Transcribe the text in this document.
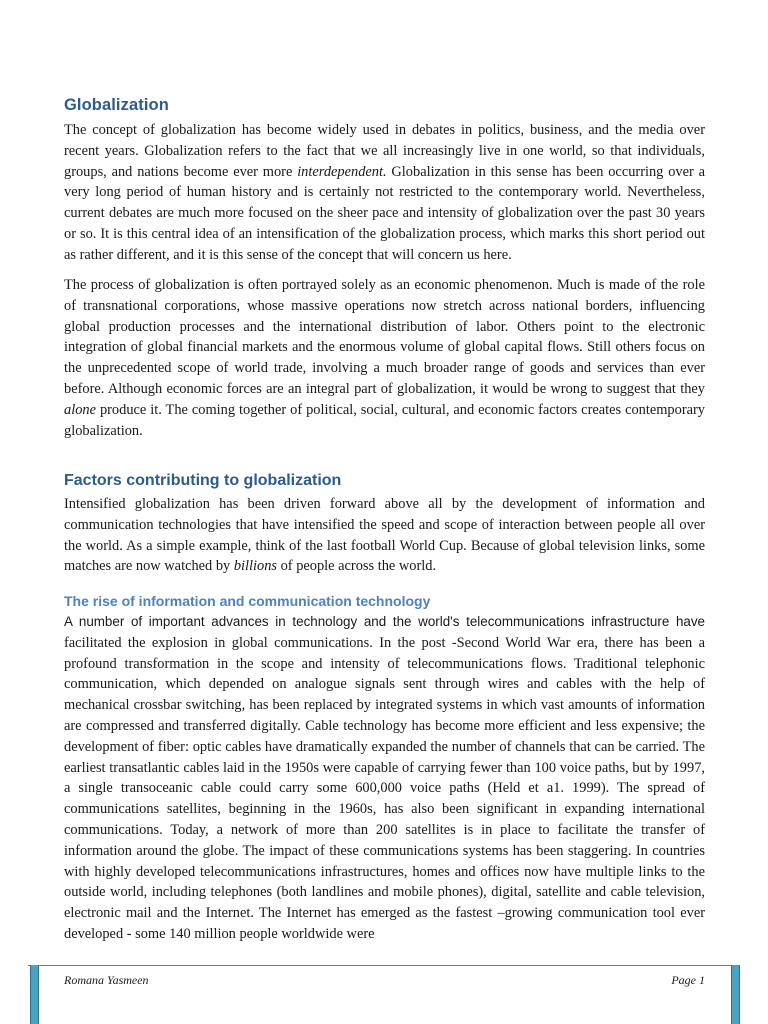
Globalization

The concept of globalization has become widely used in debates in politics, business, and the media over recent years. Globalization refers to the fact that we all increasingly live in one world, so that individuals, groups, and nations become ever more interdependent. Globalization in this sense has been occurring over a very long period of human history and is certainly not restricted to the contemporary world. Nevertheless, current debates are much more focused on the sheer pace and intensity of globalization over the past 30 years or so. It is this central idea of an intensification of the globalization process, which marks this short period out as rather different, and it is this sense of the concept that will concern us here.

The process of globalization is often portrayed solely as an economic phenomenon. Much is made of the role of transnational corporations, whose massive operations now stretch across national borders, influencing global production processes and the international distribution of labor. Others point to the electronic integration of global financial markets and the enormous volume of global capital flows. Still others focus on the unprecedented scope of world trade, involving a much broader range of goods and services than ever before. Although economic forces are an integral part of globalization, it would be wrong to suggest that they alone produce it. The coming together of political, social, cultural, and economic factors creates contemporary globalization.

Factors contributing to globalization

Intensified globalization has been driven forward above all by the development of information and communication technologies that have intensified the speed and scope of interaction between people all over the world. As a simple example, think of the last football World Cup. Because of global television links, some matches are now watched by billions of people across the world.

The rise of information and communication technology

A number of important advances in technology and the world's telecommunications infrastructure have facilitated the explosion in global communications. In the post -Second World War era, there has been a profound transformation in the scope and intensity of telecommunications flows. Traditional telephonic communication, which depended on analogue signals sent through wires and cables with the help of mechanical crossbar switching, has been replaced by integrated systems in which vast amounts of information are compressed and transferred digitally. Cable technology has become more efficient and less expensive; the development of fiber: optic cables have dramatically expanded the number of channels that can be carried. The earliest transatlantic cables laid in the 1950s were capable of carrying fewer than 100 voice paths, but by 1997, a single transoceanic cable could carry some 600,000 voice paths (Held et a1. 1999). The spread of communications satellites, beginning in the 1960s, has also been significant in expanding international communications. Today, a network of more than 200 satellites is in place to facilitate the transfer of information around the globe. The impact of these communications systems has been staggering. In countries with highly developed telecommunications infrastructures, homes and offices now have multiple links to the outside world, including telephones (both landlines and mobile phones), digital, satellite and cable television, electronic mail and the Internet. The Internet has emerged as the fastest –growing communication tool ever developed - some 140 million people worldwide were

Romana Yasmeen	Page 1
